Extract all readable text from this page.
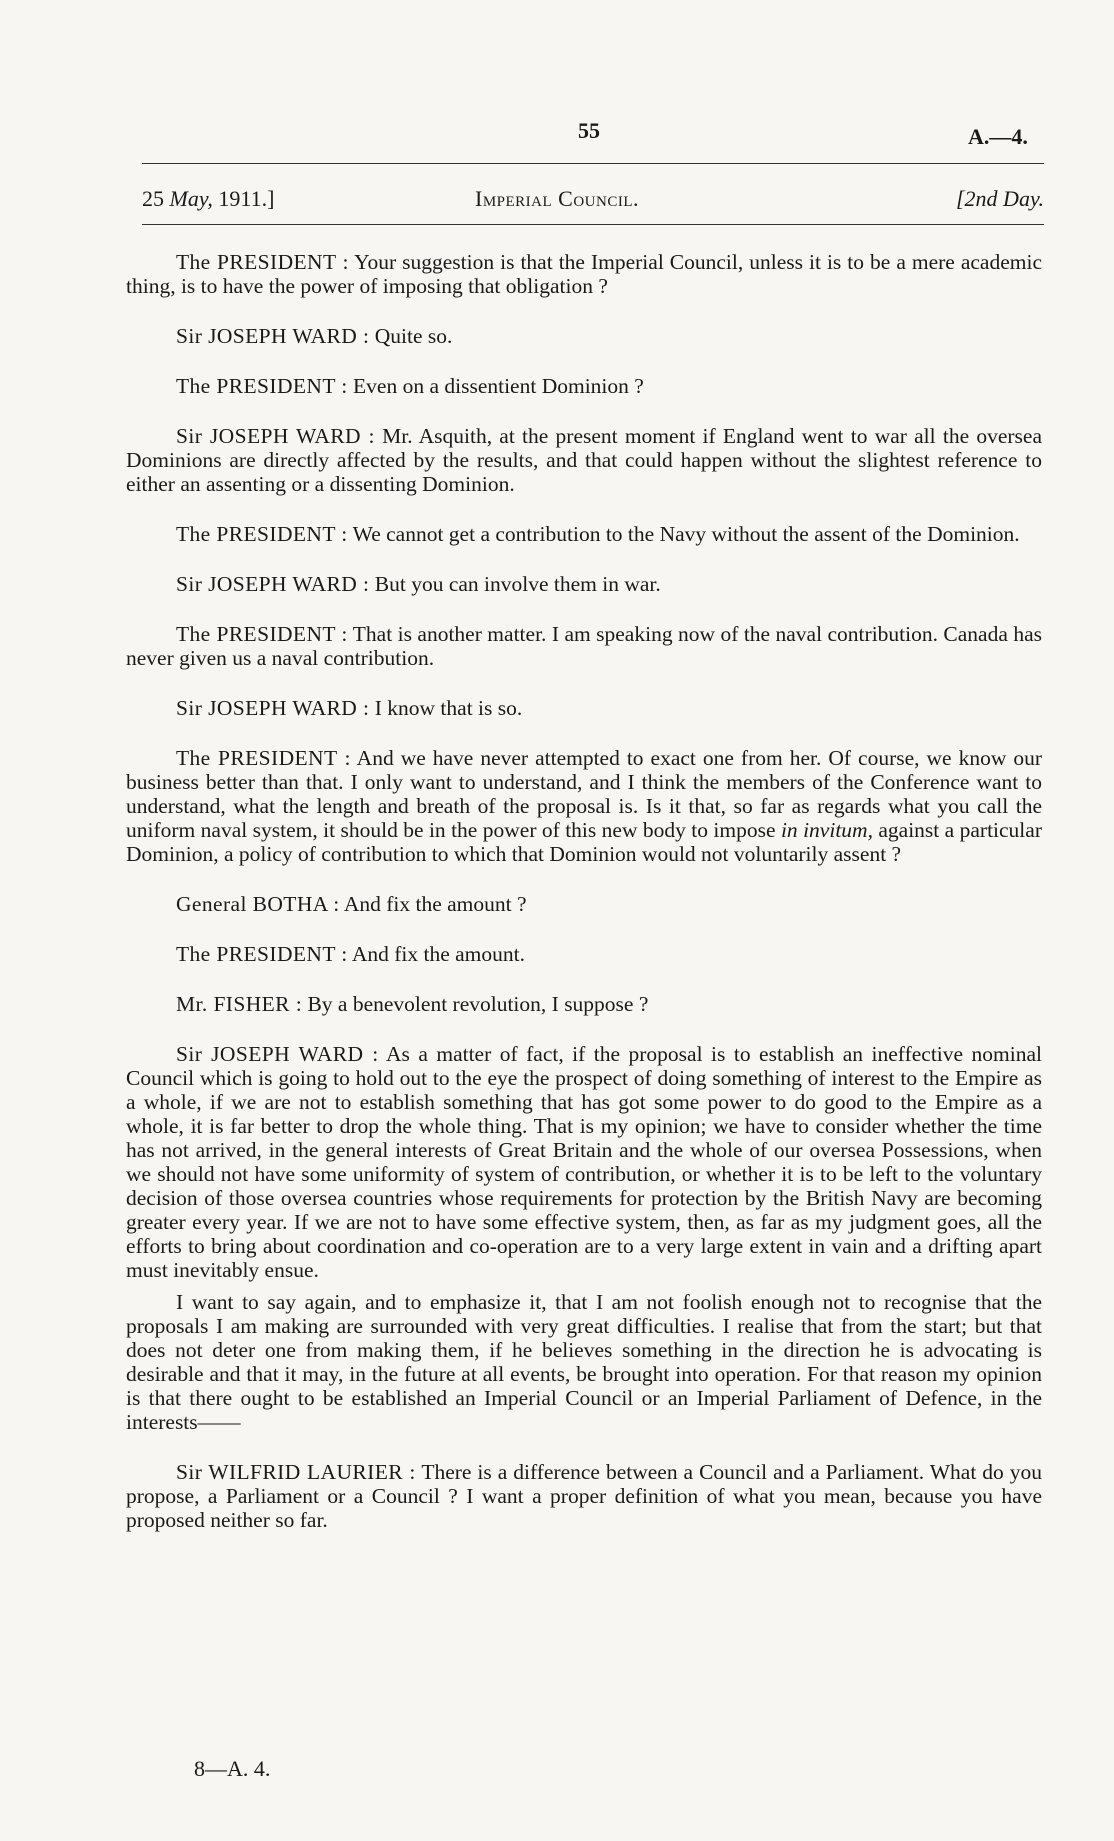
55	A.—4.
25 May, 1911.]	Imperial Council.	[2nd Day.

The PRESIDENT : Your suggestion is that the Imperial Council, unless it is to be a mere academic thing, is to have the power of imposing that obligation ?

Sir JOSEPH WARD : Quite so.

The PRESIDENT : Even on a dissentient Dominion ?

Sir JOSEPH WARD : Mr. Asquith, at the present moment if England went to war all the oversea Dominions are directly affected by the results, and that could happen without the slightest reference to either an assenting or a dissenting Dominion.

The PRESIDENT : We cannot get a contribution to the Navy without the assent of the Dominion.

Sir JOSEPH WARD : But you can involve them in war.

The PRESIDENT : That is another matter. I am speaking now of the naval contribution. Canada has never given us a naval contribution.

Sir JOSEPH WARD : I know that is so.

The PRESIDENT : And we have never attempted to exact one from her. Of course, we know our business better than that. I only want to understand, and I think the members of the Conference want to understand, what the length and breath of the proposal is. Is it that, so far as regards what you call the uniform naval system, it should be in the power of this new body to impose in invitum, against a particular Dominion, a policy of contribution to which that Dominion would not voluntarily assent ?

General BOTHA : And fix the amount ?

The PRESIDENT : And fix the amount.

Mr. FISHER : By a benevolent revolution, I suppose ?

Sir JOSEPH WARD : As a matter of fact, if the proposal is to establish an ineffective nominal Council which is going to hold out to the eye the prospect of doing something of interest to the Empire as a whole, if we are not to establish something that has got some power to do good to the Empire as a whole, it is far better to drop the whole thing. That is my opinion; we have to consider whether the time has not arrived, in the general interests of Great Britain and the whole of our oversea Possessions, when we should not have some uniformity of system of contribution, or whether it is to be left to the voluntary decision of those oversea countries whose requirements for protection by the British Navy are becoming greater every year. If we are not to have some effective system, then, as far as my judgment goes, all the efforts to bring about coordination and co-operation are to a very large extent in vain and a drifting apart must inevitably ensue.

I want to say again, and to emphasize it, that I am not foolish enough not to recognise that the proposals I am making are surrounded with very great difficulties. I realise that from the start; but that does not deter one from making them, if he believes something in the direction he is advocating is desirable and that it may, in the future at all events, be brought into operation. For that reason my opinion is that there ought to be established an Imperial Council or an Imperial Parliament of Defence, in the interests——

Sir WILFRID LAURIER : There is a difference between a Council and a Parliament. What do you propose, a Parliament or a Council ? I want a proper definition of what you mean, because you have proposed neither so far.

8—A. 4.
